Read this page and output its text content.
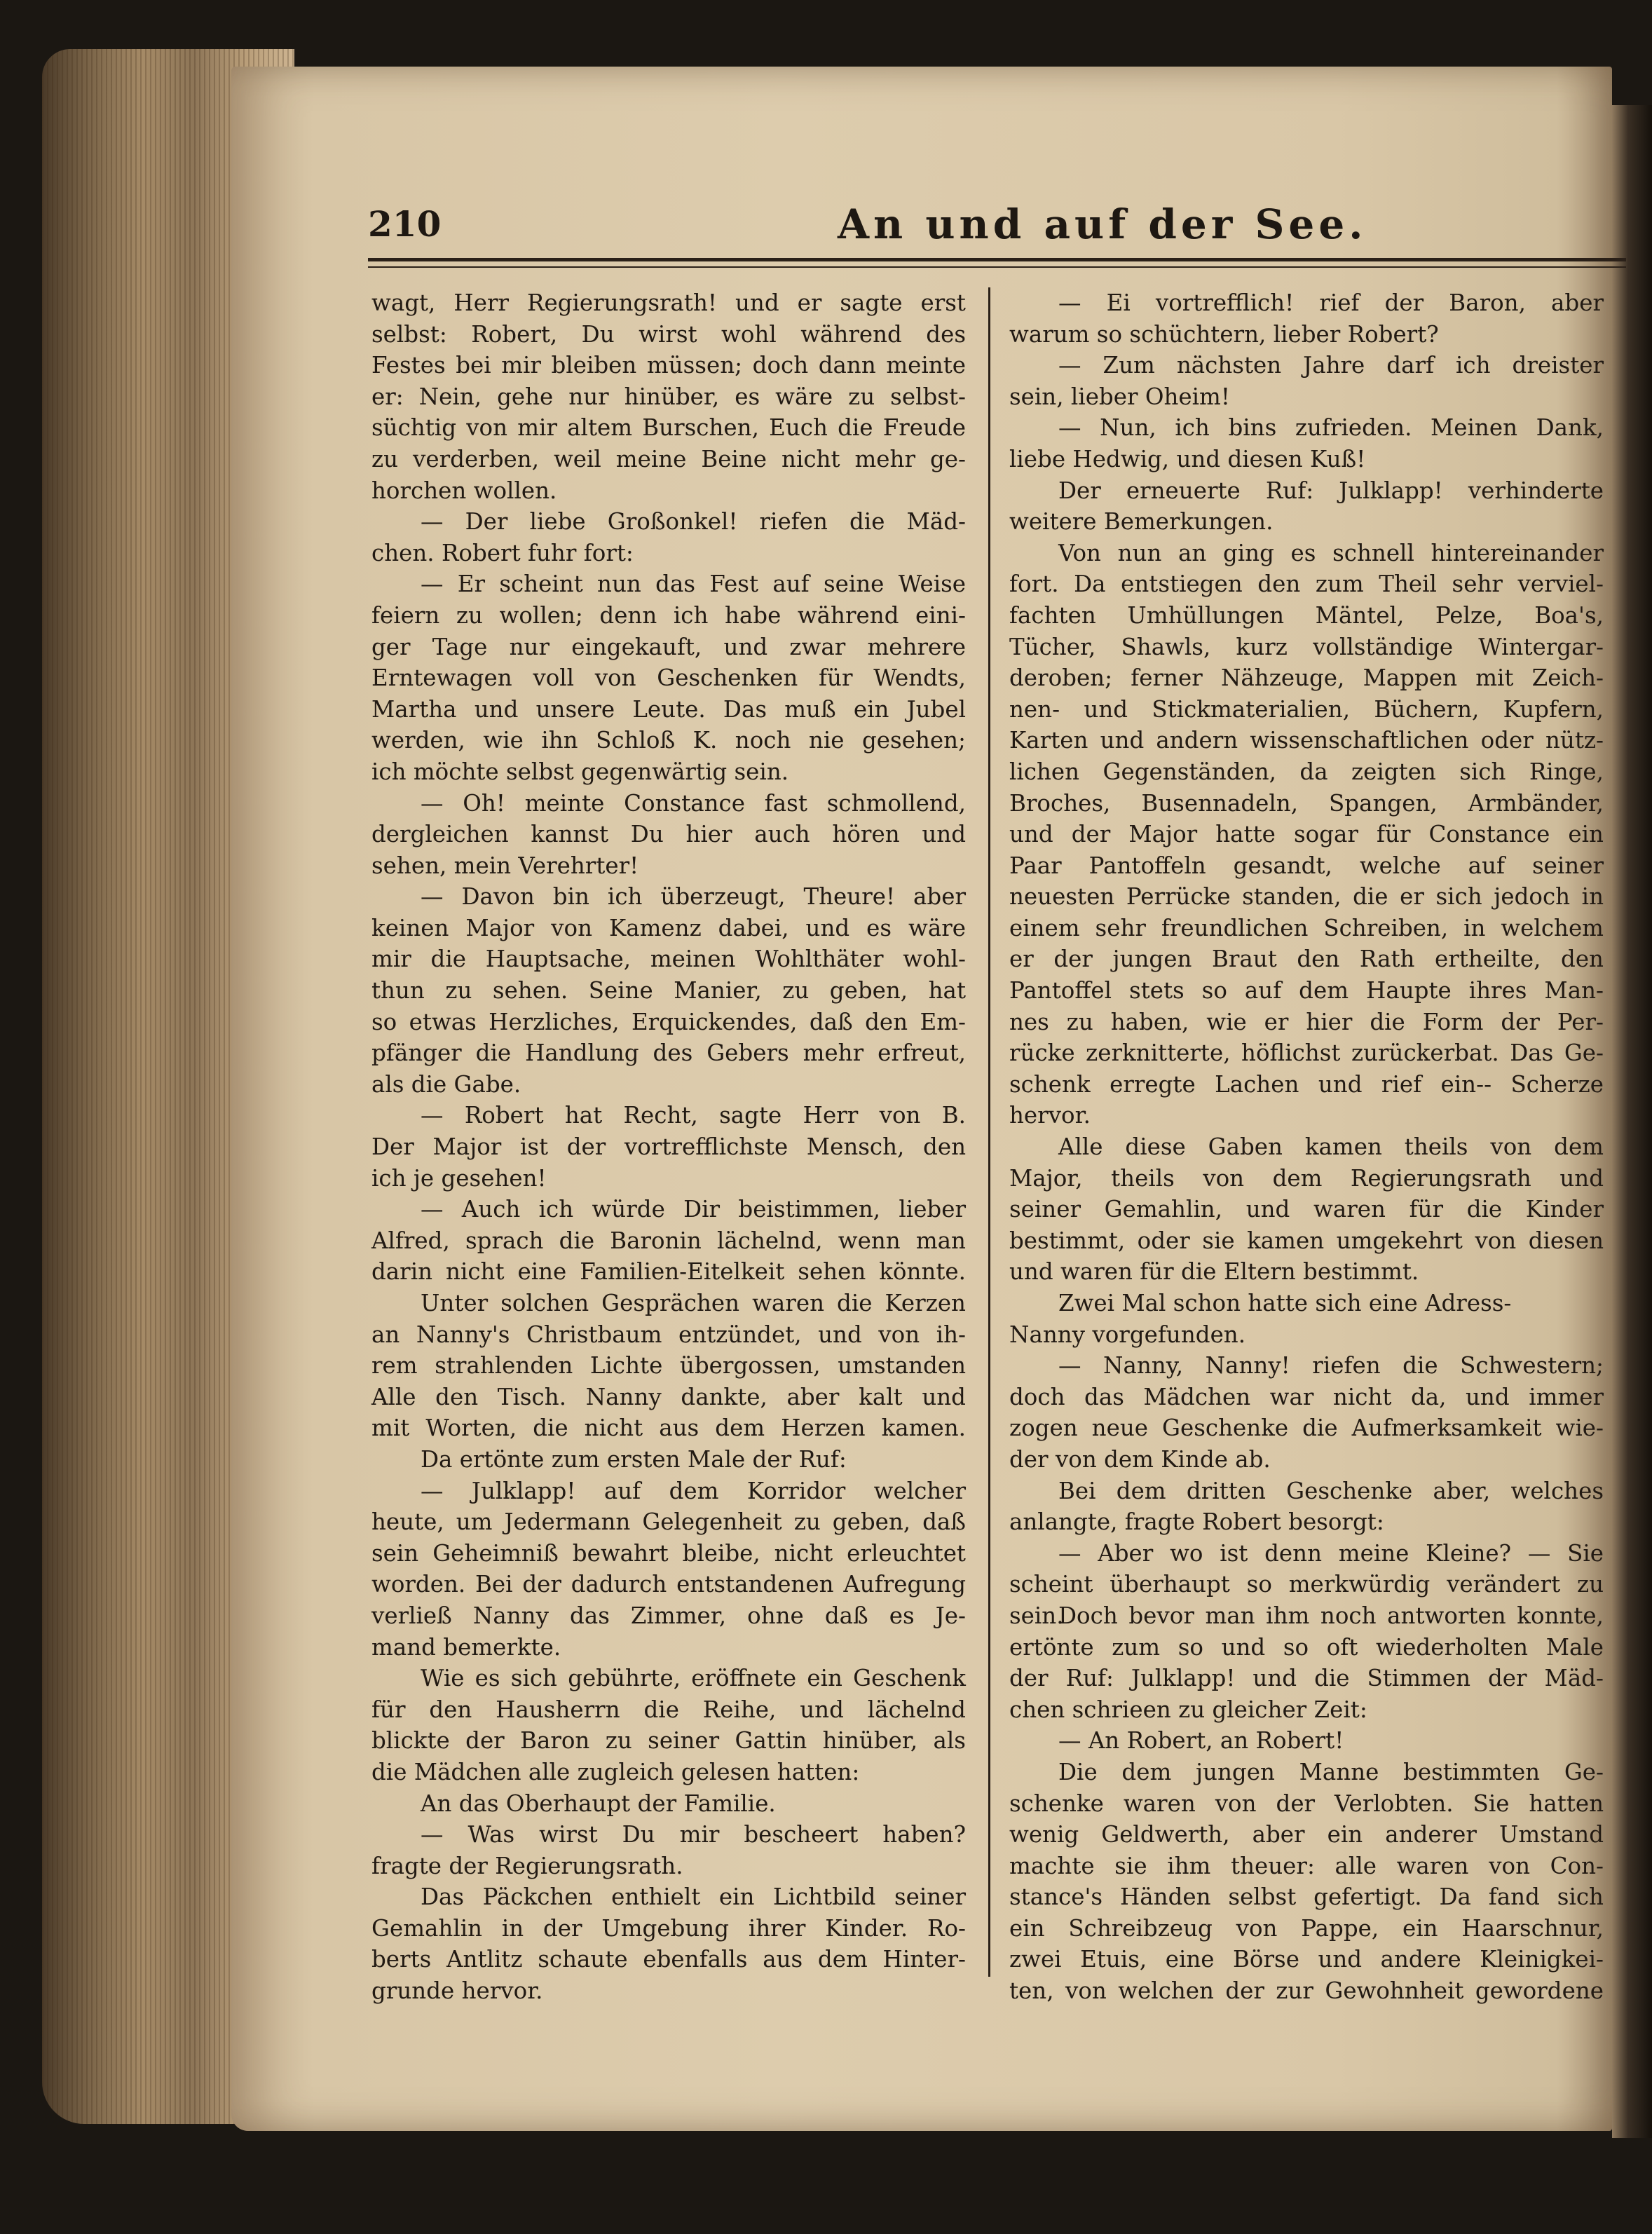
210	An und auf der See.
wagt, Herr Regierungsrath! und er sagte erst
selbst: Robert, Du wirst wohl während des
Festes bei mir bleiben müssen; doch dann meinte
er: Nein, gehe nur hinüber, es wäre zu selbst-
süchtig von mir altem Burschen, Euch die Freude
zu verderben, weil meine Beine nicht mehr ge-
horchen wollen.
— Der liebe Großonkel! riefen die Mäd-
chen. Robert fuhr fort:
— Er scheint nun das Fest auf seine Weise
feiern zu wollen; denn ich habe während eini-
ger Tage nur eingekauft, und zwar mehrere
Erntewagen voll von Geschenken für Wendts,
Martha und unsere Leute. Das muß ein Jubel
werden, wie ihn Schloß K. noch nie gesehen;
ich möchte selbst gegenwärtig sein.
— Oh! meinte Constance fast schmollend,
dergleichen kannst Du hier auch hören und
sehen, mein Verehrter!
— Davon bin ich überzeugt, Theure! aber
keinen Major von Kamenz dabei, und es wäre
mir die Hauptsache, meinen Wohlthäter wohl-
thun zu sehen. Seine Manier, zu geben, hat
so etwas Herzliches, Erquickendes, daß den Em-
pfänger die Handlung des Gebers mehr erfreut,
als die Gabe.
— Robert hat Recht, sagte Herr von B.
Der Major ist der vortrefflichste Mensch, den
ich je gesehen!
— Auch ich würde Dir beistimmen, lieber
Alfred, sprach die Baronin lächelnd, wenn man
darin nicht eine Familien-Eitelkeit sehen könnte.
Unter solchen Gesprächen waren die Kerzen
an Nanny's Christbaum entzündet, und von ih-
rem strahlenden Lichte übergossen, umstanden
Alle den Tisch. Nanny dankte, aber kalt und
mit Worten, die nicht aus dem Herzen kamen.
Da ertönte zum ersten Male der Ruf:
— Julklapp! auf dem Korridor welcher
heute, um Jedermann Gelegenheit zu geben, daß
sein Geheimniß bewahrt bleibe, nicht erleuchtet
worden. Bei der dadurch entstandenen Aufregung
verließ Nanny das Zimmer, ohne daß es Je-
mand bemerkte.
Wie es sich gebührte, eröffnete ein Geschenk
für den Hausherrn die Reihe, und lächelnd
blickte der Baron zu seiner Gattin hinüber, als
die Mädchen alle zugleich gelesen hatten:
An das Oberhaupt der Familie.
— Was wirst Du mir bescheert haben?
fragte der Regierungsrath.
Das Päckchen enthielt ein Lichtbild seiner
Gemahlin in der Umgebung ihrer Kinder. Ro-
berts Antlitz schaute ebenfalls aus dem Hinter-
grunde hervor.
— Ei vortrefflich! rief der Baron, aber
warum so schüchtern, lieber Robert?
— Zum nächsten Jahre darf ich dreister
sein, lieber Oheim!
— Nun, ich bins zufrieden. Meinen Dank,
liebe Hedwig, und diesen Kuß!
Der erneuerte Ruf: Julklapp! verhinderte
weitere Bemerkungen.
Von nun an ging es schnell hintereinander
fort. Da entstiegen den zum Theil sehr verviel-
fachten Umhüllungen Mäntel, Pelze, Boa's,
Tücher, Shawls, kurz vollständige Wintergar-
deroben; ferner Nähzeuge, Mappen mit Zeich-
nen- und Stickmaterialien, Büchern, Kupfern,
Karten und andern wissenschaftlichen oder nütz-
lichen Gegenständen, da zeigten sich Ringe,
Broches, Busennadeln, Spangen, Armbänder,
und der Major hatte sogar für Constance ein
Paar Pantoffeln gesandt, welche auf seiner
neuesten Perrücke standen, die er sich jedoch in
einem sehr freundlichen Schreiben, in welchem
er der jungen Braut den Rath ertheilte, den
Pantoffel stets so auf dem Haupte ihres Man-
nes zu haben, wie er hier die Form der Per-
rücke zerknitterte, höflichst zurückerbat. Das Ge-
schenk erregte Lachen und rief ein-- Scherze
hervor.
Alle diese Gaben kamen theils von dem
Major, theils von dem Regierungsrath und
seiner Gemahlin, und waren für die Kinder
bestimmt, oder sie kamen umgekehrt von diesen
und waren für die Eltern bestimmt.
Zwei Mal schon hatte sich eine Adress-
Nanny vorgefunden.
— Nanny, Nanny! riefen die Schwestern;
doch das Mädchen war nicht da, und immer
zogen neue Geschenke die Aufmerksamkeit wie-
der von dem Kinde ab.
Bei dem dritten Geschenke aber, welches
anlangte, fragte Robert besorgt:
— Aber wo ist denn meine Kleine? — Sie
scheint überhaupt so merkwürdig verändert zu sein.
Doch bevor man ihm noch antworten konnte,
ertönte zum so und so oft wiederholten Male
der Ruf: Julklapp! und die Stimmen der Mäd-
chen schrieen zu gleicher Zeit:
— An Robert, an Robert!
Die dem jungen Manne bestimmten Ge-
schenke waren von der Verlobten. Sie hatten
wenig Geldwerth, aber ein anderer Umstand
machte sie ihm theuer: alle waren von Con-
stance's Händen selbst gefertigt. Da fand sich
ein Schreibzeug von Pappe, ein Haarschnur,
zwei Etuis, eine Börse und andere Kleinigkei-
ten, von welchen der zur Gewohnheit gewordene
